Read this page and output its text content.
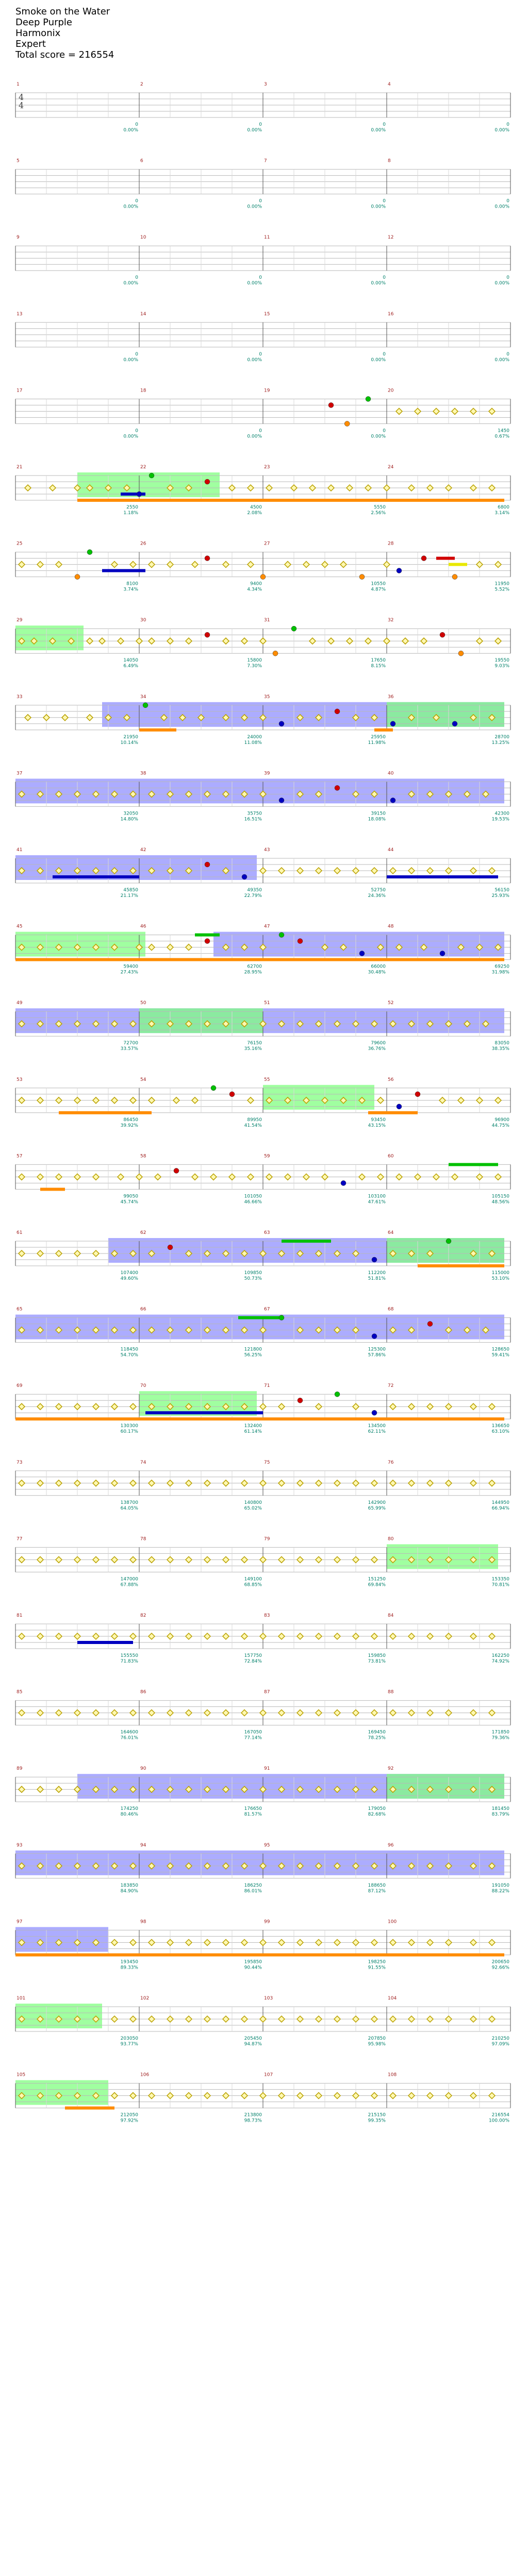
Smoke on the Water
Deep Purple
Harmonix
Expert
Total score = 216554
1
4
4
0
0.00%
2
0
0.00%
3
0
0.00%
4
0
0.00%
5
0
0.00%
6
0
0.00%
7
0
0.00%
8
0
0.00%
9
0
0.00%
10
0
0.00%
11
0
0.00%
12
0
0.00%
13
0
0.00%
14
0
0.00%
15
0
0.00%
16
0
0.00%
17
0
0.00%
18
0
0.00%
19
0
0.00%
20
1450
0.67%
21
2550
1.18%
22
4500
2.08%
23
5550
2.56%
24
6800
3.14%
25
8100
3.74%
26
9400
4.34%
27
10550
4.87%
28
11950
5.52%
29
14050
6.49%
30
15800
7.30%
31
17650
8.15%
32
19550
9.03%
33
21950
10.14%
34
24000
11.08%
35
25950
11.98%
36
28700
13.25%
37
32050
14.80%
38
35750
16.51%
39
39150
18.08%
40
42300
19.53%
41
45850
21.17%
42
49350
22.79%
43
52750
24.36%
44
56150
25.93%
45
59400
27.43%
46
62700
28.95%
47
66000
30.48%
48
69250
31.98%
49
72700
33.57%
50
76150
35.16%
51
79600
36.76%
52
83050
38.35%
53
86450
39.92%
54
89950
41.54%
55
93450
43.15%
56
96900
44.75%
57
99050
45.74%
58
101050
46.66%
59
103100
47.61%
60
105150
48.56%
61
107400
49.60%
62
109850
50.73%
63
112200
51.81%
64
115000
53.10%
65
118450
54.70%
66
121800
56.25%
67
125300
57.86%
68
128650
59.41%
69
130300
60.17%
70
132400
61.14%
71
134500
62.11%
72
136650
63.10%
73
138700
64.05%
74
140800
65.02%
75
142900
65.99%
76
144950
66.94%
77
147000
67.88%
78
149100
68.85%
79
151250
69.84%
80
153350
70.81%
81
155550
71.83%
82
157750
72.84%
83
159850
73.81%
84
162250
74.92%
85
164600
76.01%
86
167050
77.14%
87
169450
78.25%
88
171850
79.36%
89
174250
80.46%
90
176650
81.57%
91
179050
82.68%
92
181450
83.79%
93
183850
84.90%
94
186250
86.01%
95
188650
87.12%
96
191050
88.22%
97
193450
89.33%
98
195850
90.44%
99
198250
91.55%
100
200650
92.66%
101
203050
93.77%
102
205450
94.87%
103
207850
95.98%
104
210250
97.09%
105
212050
97.92%
106
213800
98.73%
107
215150
99.35%
108
216554
100.00%
